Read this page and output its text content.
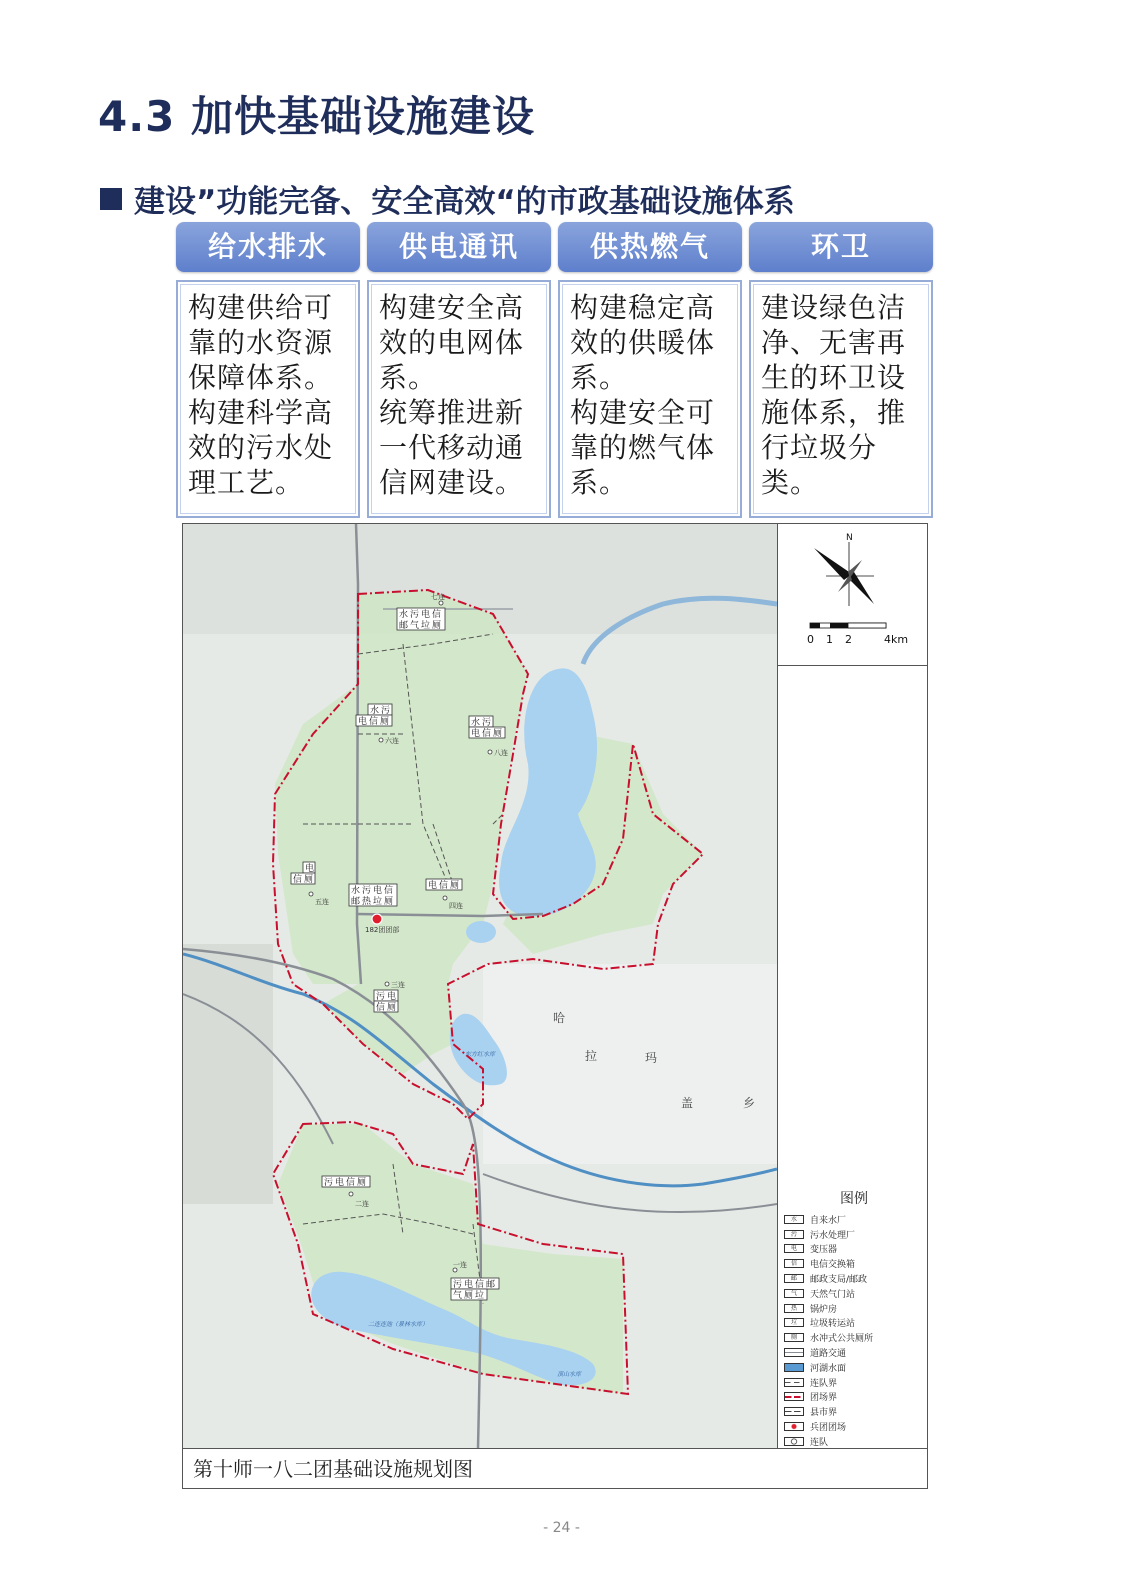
4.3 加快基础设施建设
建设”功能完备、安全高效“的市政基础设施体系
给水排水

构建供给可靠的水资源保障体系。

构建科学高效的污水处理工艺。

供电通讯

构建安全高效的电网体系。

统筹推进新一代移动通信网建设。

供热燃气

构建稳定高效的供暖体系。

构建安全可靠的燃气体系。

环卫

建设绿色洁净、无害再生的环卫设施体系，推行垃圾分类。

水 污 电 信
邮 气 垃 厕
水 污
电 信 厕	水 污
电 信 厕
电
信 厕
水 污 电 信
邮 热 垃 厕
电 信 厕
污 电
信 厕
污 电 信 厕
污 电 信 邮
气 厕 垃
七连
六连
八连
五连	四连
182团团部
三连
二连
一连
哈
拉	玛
盖	乡
东方红水库
二连连池（景林水库）
顶山水库
N
0 1 2	4km
图例
水	自来水厂
污	污水处理厂
电	变压器
信	电信交换箱
邮	邮政支局/邮政
气	天然气门站
热	锅炉房
垃	垃圾转运站
厕	水冲式公共厕所
道路交通
河湖水面
连队界
团场界
县市界
兵团团场
连队
第十师一八二团基础设施规划图
- 24 -
